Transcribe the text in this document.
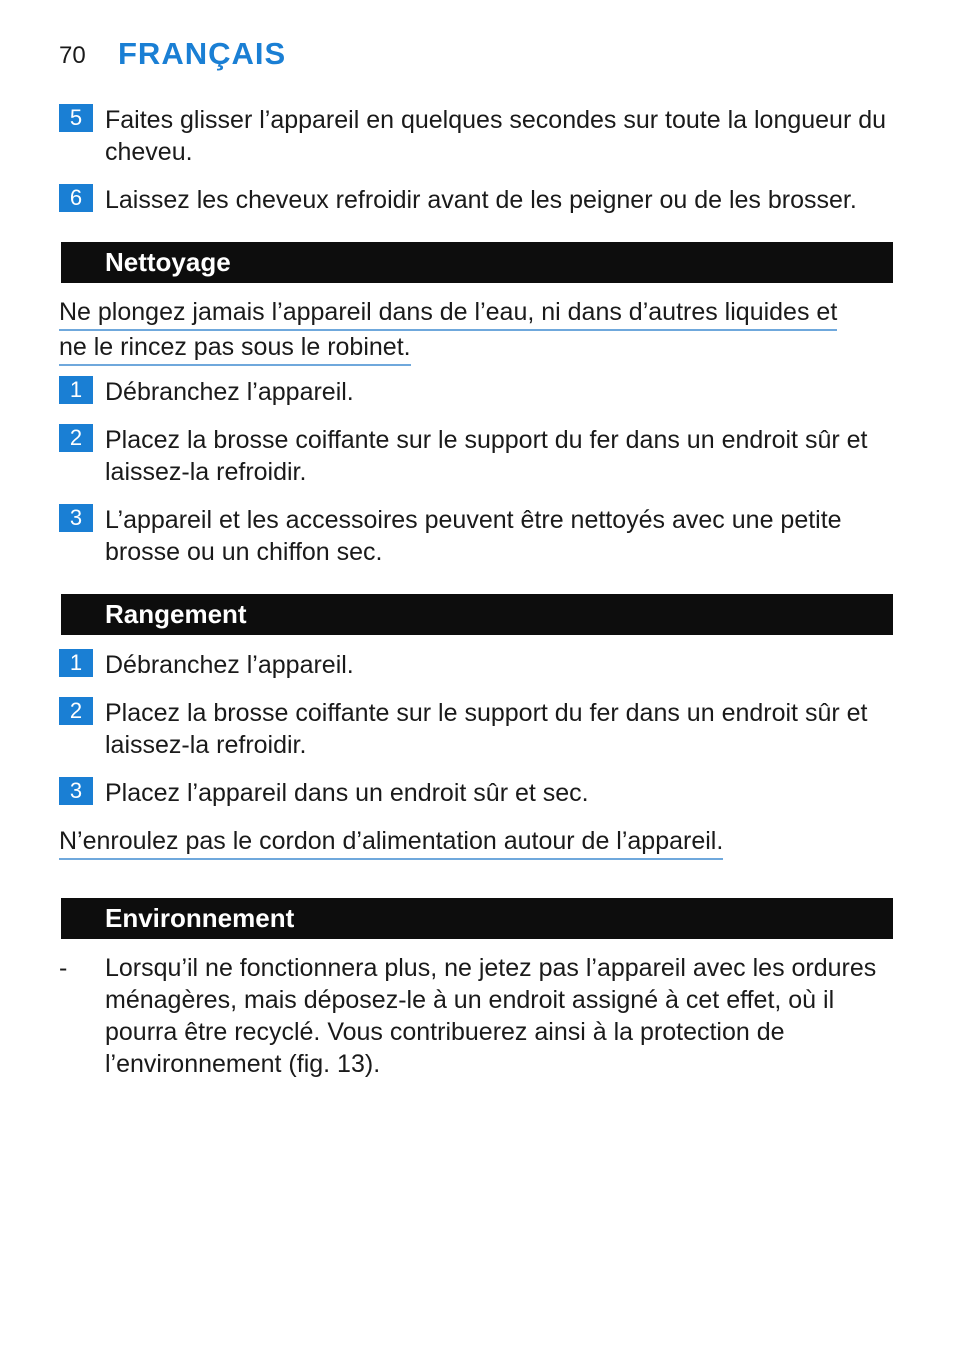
70 FRANÇAIS
5 Faites glisser l’appareil en quelques secondes sur toute la longueur du cheveu.
6 Laissez les cheveux refroidir avant de les peigner ou de les brosser.
Nettoyage
Ne plongez jamais l’appareil dans de l’eau, ni dans d’autres liquides et
ne le rincez pas sous le robinet.
1 Débranchez l’appareil.
2 Placez la brosse coiffante sur le support du fer dans un endroit sûr et laissez-la refroidir.
3 L’appareil et les accessoires peuvent être nettoyés avec une petite brosse ou un chiffon sec.
Rangement
1 Débranchez l’appareil.
2 Placez la brosse coiffante sur le support du fer dans un endroit sûr et laissez-la refroidir.
3 Placez l’appareil dans un endroit sûr et sec.
N’enroulez pas le cordon d’alimentation autour de l’appareil.
Environnement
- Lorsqu’il ne fonctionnera plus, ne jetez pas l’appareil avec les ordures ménagères, mais déposez-le à un endroit assigné à cet effet, où il pourra être recyclé. Vous contribuerez ainsi à la protection de l’environnement (fig. 13).
